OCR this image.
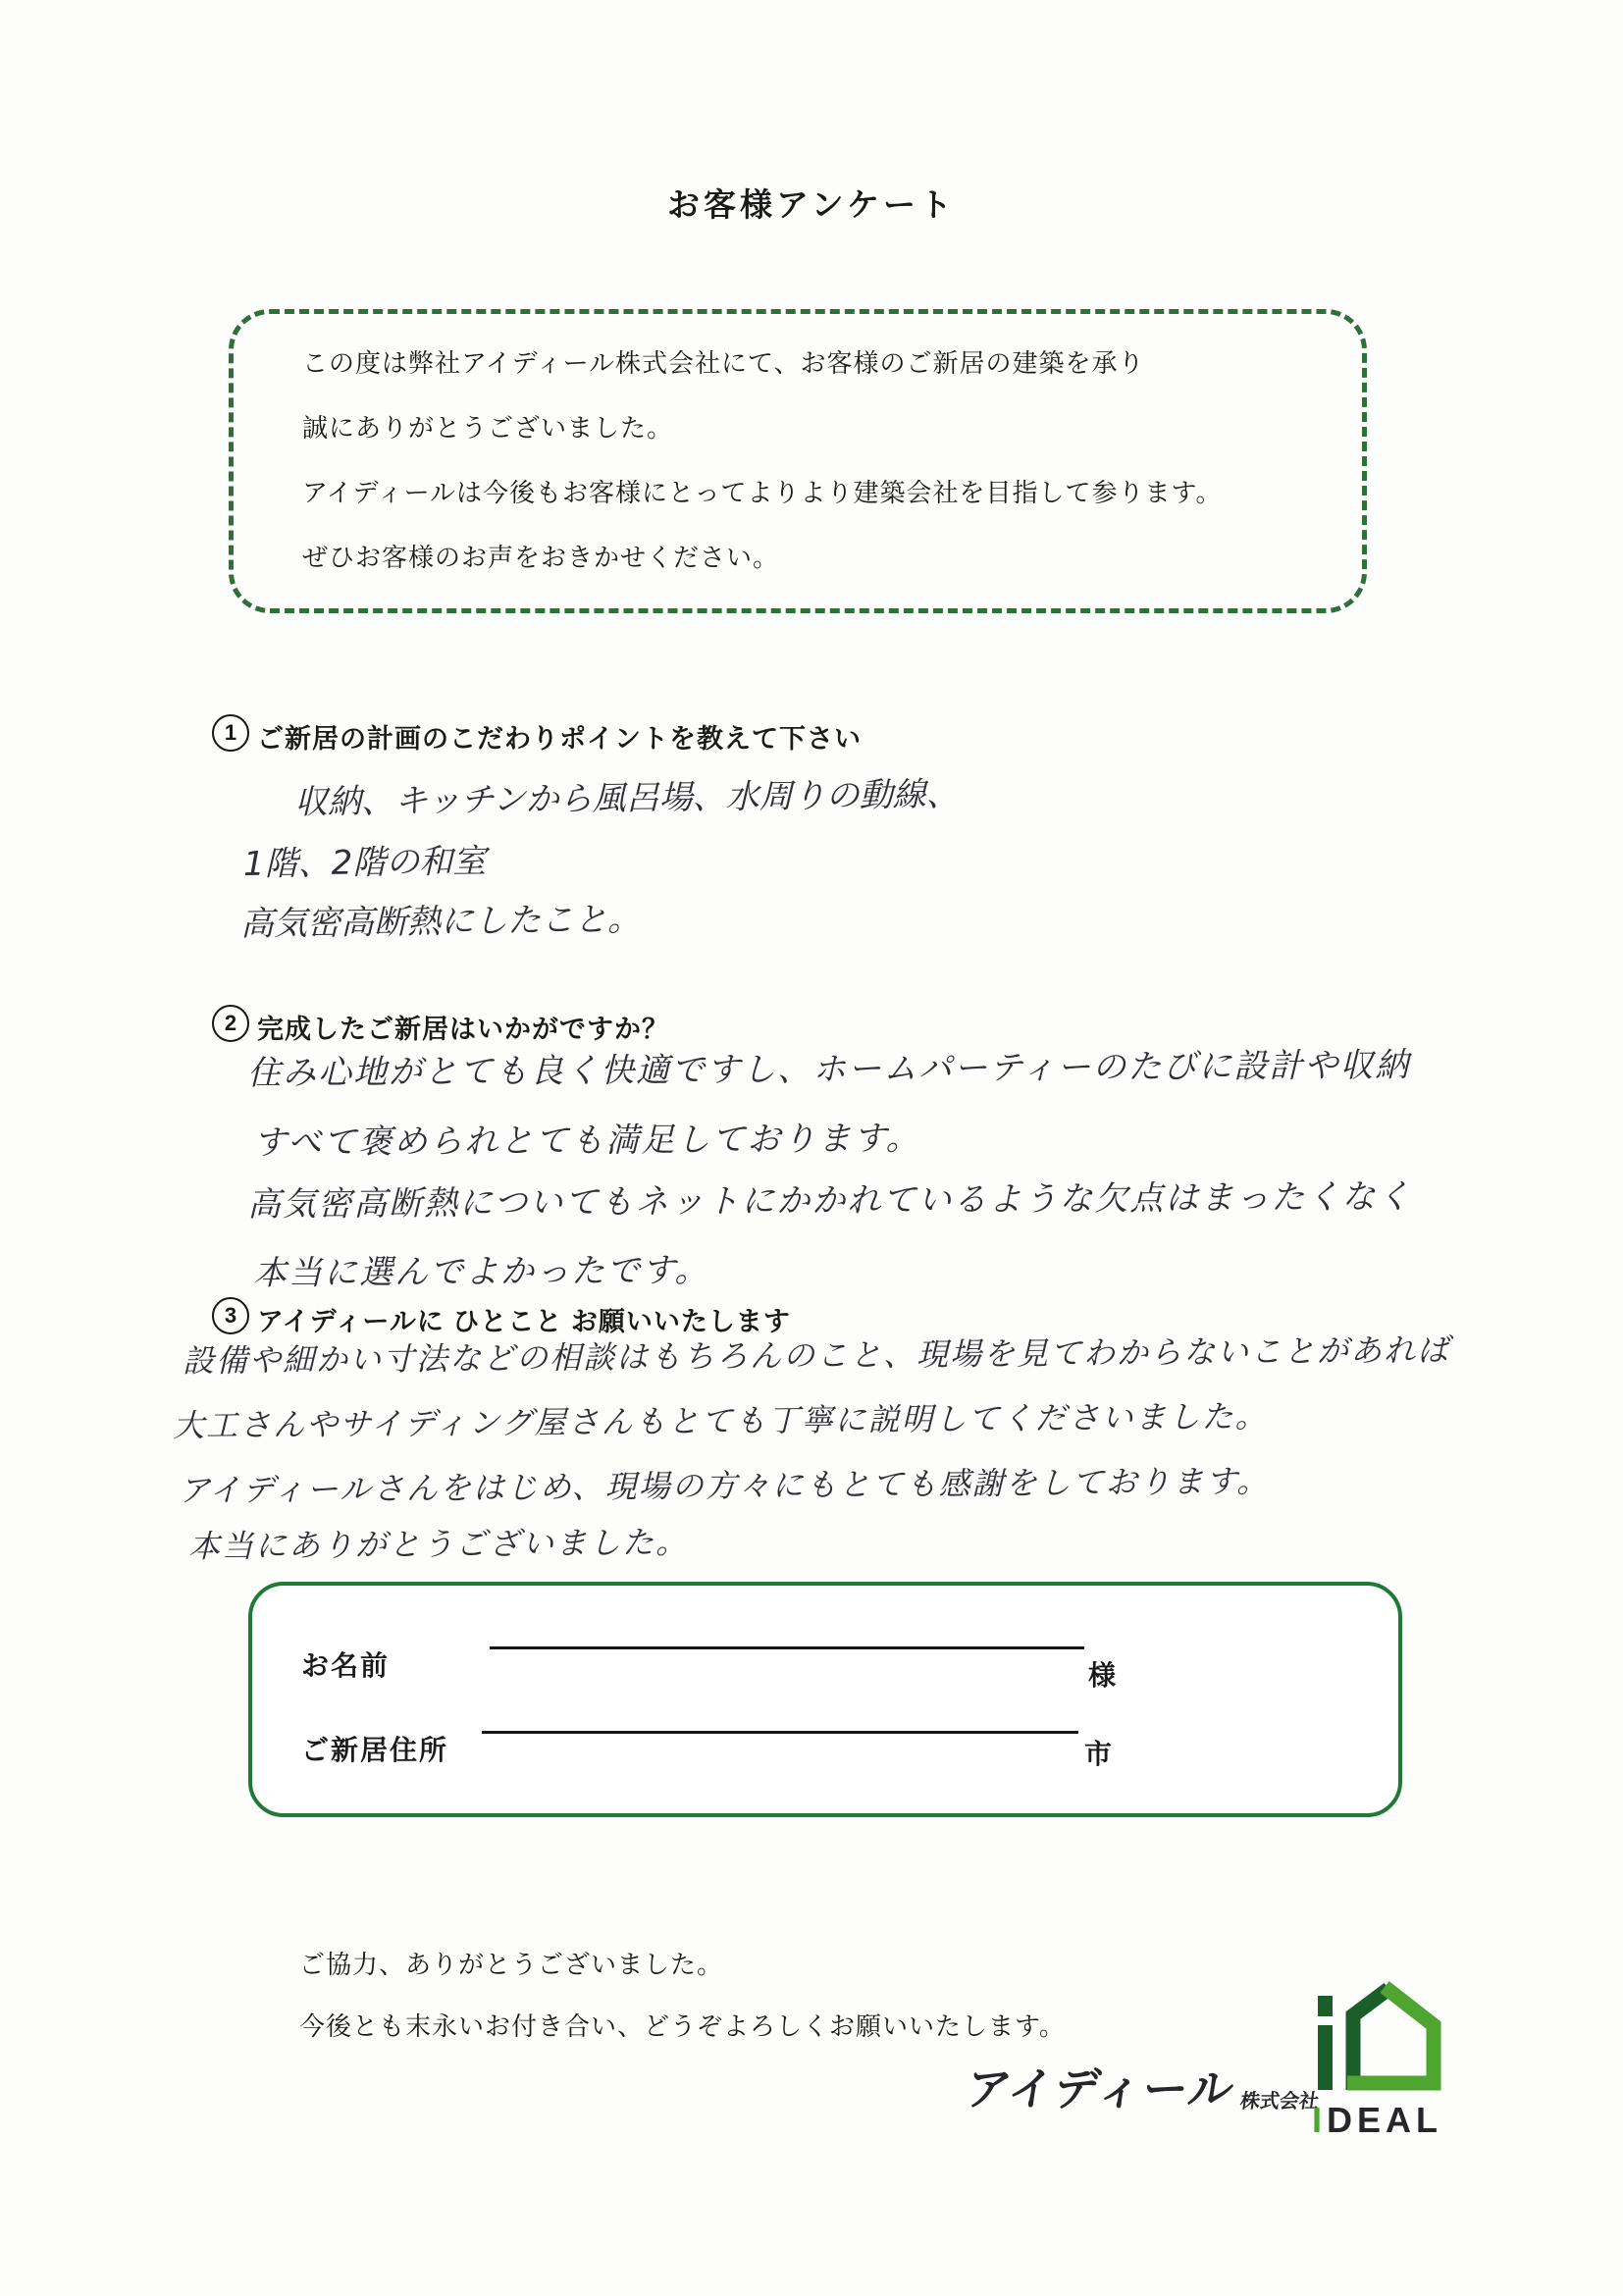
お客様アンケート
この度は弊社アイディール株式会社にて、お客様のご新居の建築を承り
誠にありがとうございました。
アイディールは今後もお客様にとってよりより建築会社を目指して参ります。
ぜひお客様のお声をおきかせください。
1 ご新居の計画のこだわりポイントを教えて下さい
収納、キッチンから風呂場、水周りの動線、
1階、2階の和室
高気密高断熱にしたこと。
2 完成したご新居はいかがですか？
住み心地がとても良く快適ですし、ホームパーティーのたびに設計や収納
すべて褒められとても満足しております。
高気密高断熱についてもネットにかかれているような欠点はまったくなく
本当に選んでよかったです。
3 アイディールに ひとこと お願いいたします
設備や細かい寸法などの相談はもちろんのこと、現場を見てわからないことがあれば
大工さんやサイディング屋さんもとても丁寧に説明してくださいました。
アイディールさんをはじめ、現場の方々にもとても感謝をしております。
本当にありがとうございました。
お名前	様
ご新居住所	市
ご協力、ありがとうございました。
今後とも末永いお付き合い、どうぞよろしくお願いいたします。
アイディール 株式会社
IDEAL
